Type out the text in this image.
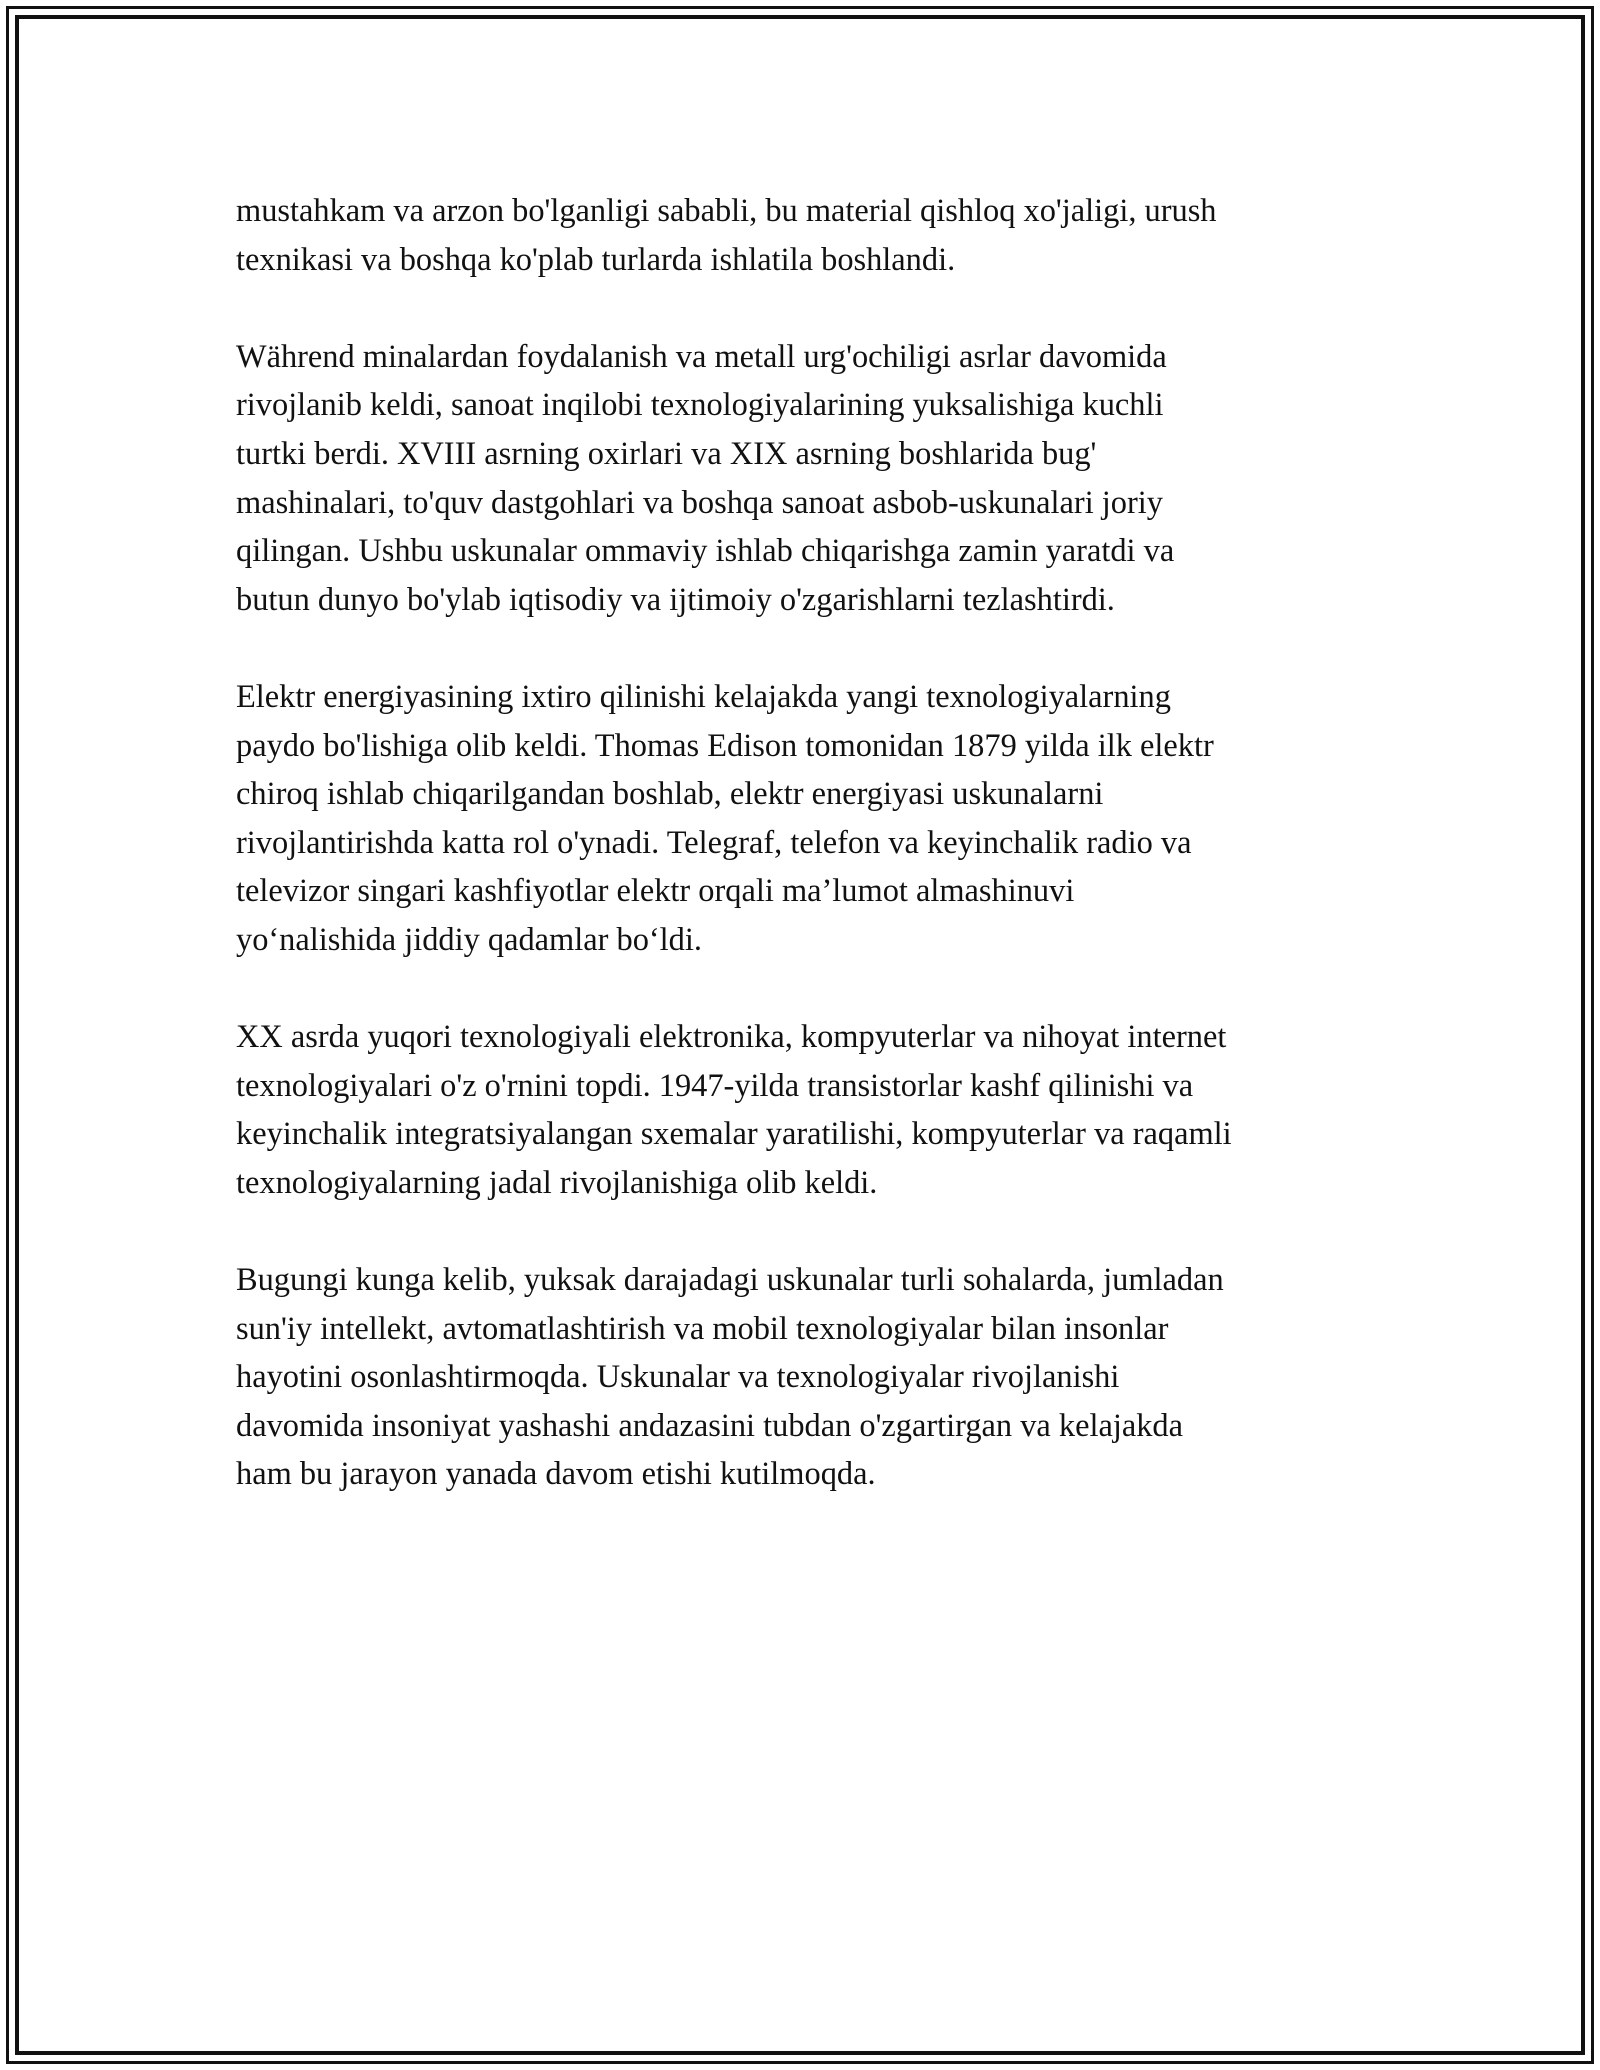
mustahkam va arzon bo'lganligi sababli, bu material qishloq xo'jaligi, urush
texnikasi va boshqa ko'plab turlarda ishlatila boshlandi.

Während minalardan foydalanish va metall urg'ochiligi asrlar davomida
rivojlanib keldi, sanoat inqilobi texnologiyalarining yuksalishiga kuchli
turtki berdi. XVIII asrning oxirlari va XIX asrning boshlarida bug'
mashinalari, to'quv dastgohlari va boshqa sanoat asbob-uskunalari joriy
qilingan. Ushbu uskunalar ommaviy ishlab chiqarishga zamin yaratdi va
butun dunyo bo'ylab iqtisodiy va ijtimoiy o'zgarishlarni tezlashtirdi.

Elektr energiyasining ixtiro qilinishi kelajakda yangi texnologiyalarning
paydo bo'lishiga olib keldi. Thomas Edison tomonidan 1879 yilda ilk elektr
chiroq ishlab chiqarilgandan boshlab, elektr energiyasi uskunalarni
rivojlantirishda katta rol o'ynadi. Telegraf, telefon va keyinchalik radio va
televizor singari kashfiyotlar elektr orqali ma’lumot almashinuvi
yo‘nalishida jiddiy qadamlar bo‘ldi.

XX asrda yuqori texnologiyali elektronika, kompyuterlar va nihoyat internet
texnologiyalari o'z o'rnini topdi. 1947-yilda transistorlar kashf qilinishi va
keyinchalik integratsiyalangan sxemalar yaratilishi, kompyuterlar va raqamli
texnologiyalarning jadal rivojlanishiga olib keldi.

Bugungi kunga kelib, yuksak darajadagi uskunalar turli sohalarda, jumladan
sun'iy intellekt, avtomatlashtirish va mobil texnologiyalar bilan insonlar
hayotini osonlashtirmoqda. Uskunalar va texnologiyalar rivojlanishi
davomida insoniyat yashashi andazasini tubdan o'zgartirgan va kelajakda
ham bu jarayon yanada davom etishi kutilmoqda.
